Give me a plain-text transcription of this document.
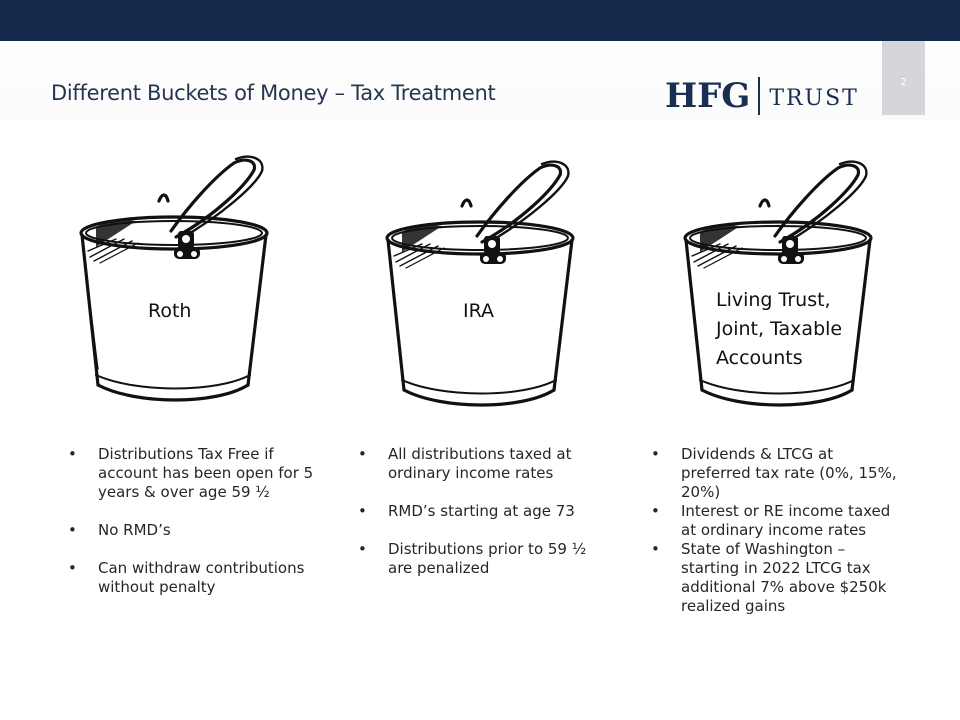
Different Buckets of Money – Tax Treatment	HFG TRUST
2
Roth	IRA	Living Trust,
Joint, Taxable
Accounts
• Distributions Tax Free if account has been open for 5 years & over age 59 ½
• No RMD’s
• Can withdraw contributions without penalty
• All distributions taxed at ordinary income rates
• RMD’s starting at age 73
• Distributions prior to 59 ½ are penalized
• Dividends & LTCG at preferred tax rate (0%, 15%, 20%)
• Interest or RE income taxed at ordinary income rates
• State of Washington – starting in 2022 LTCG tax additional 7% above $250k realized gains
